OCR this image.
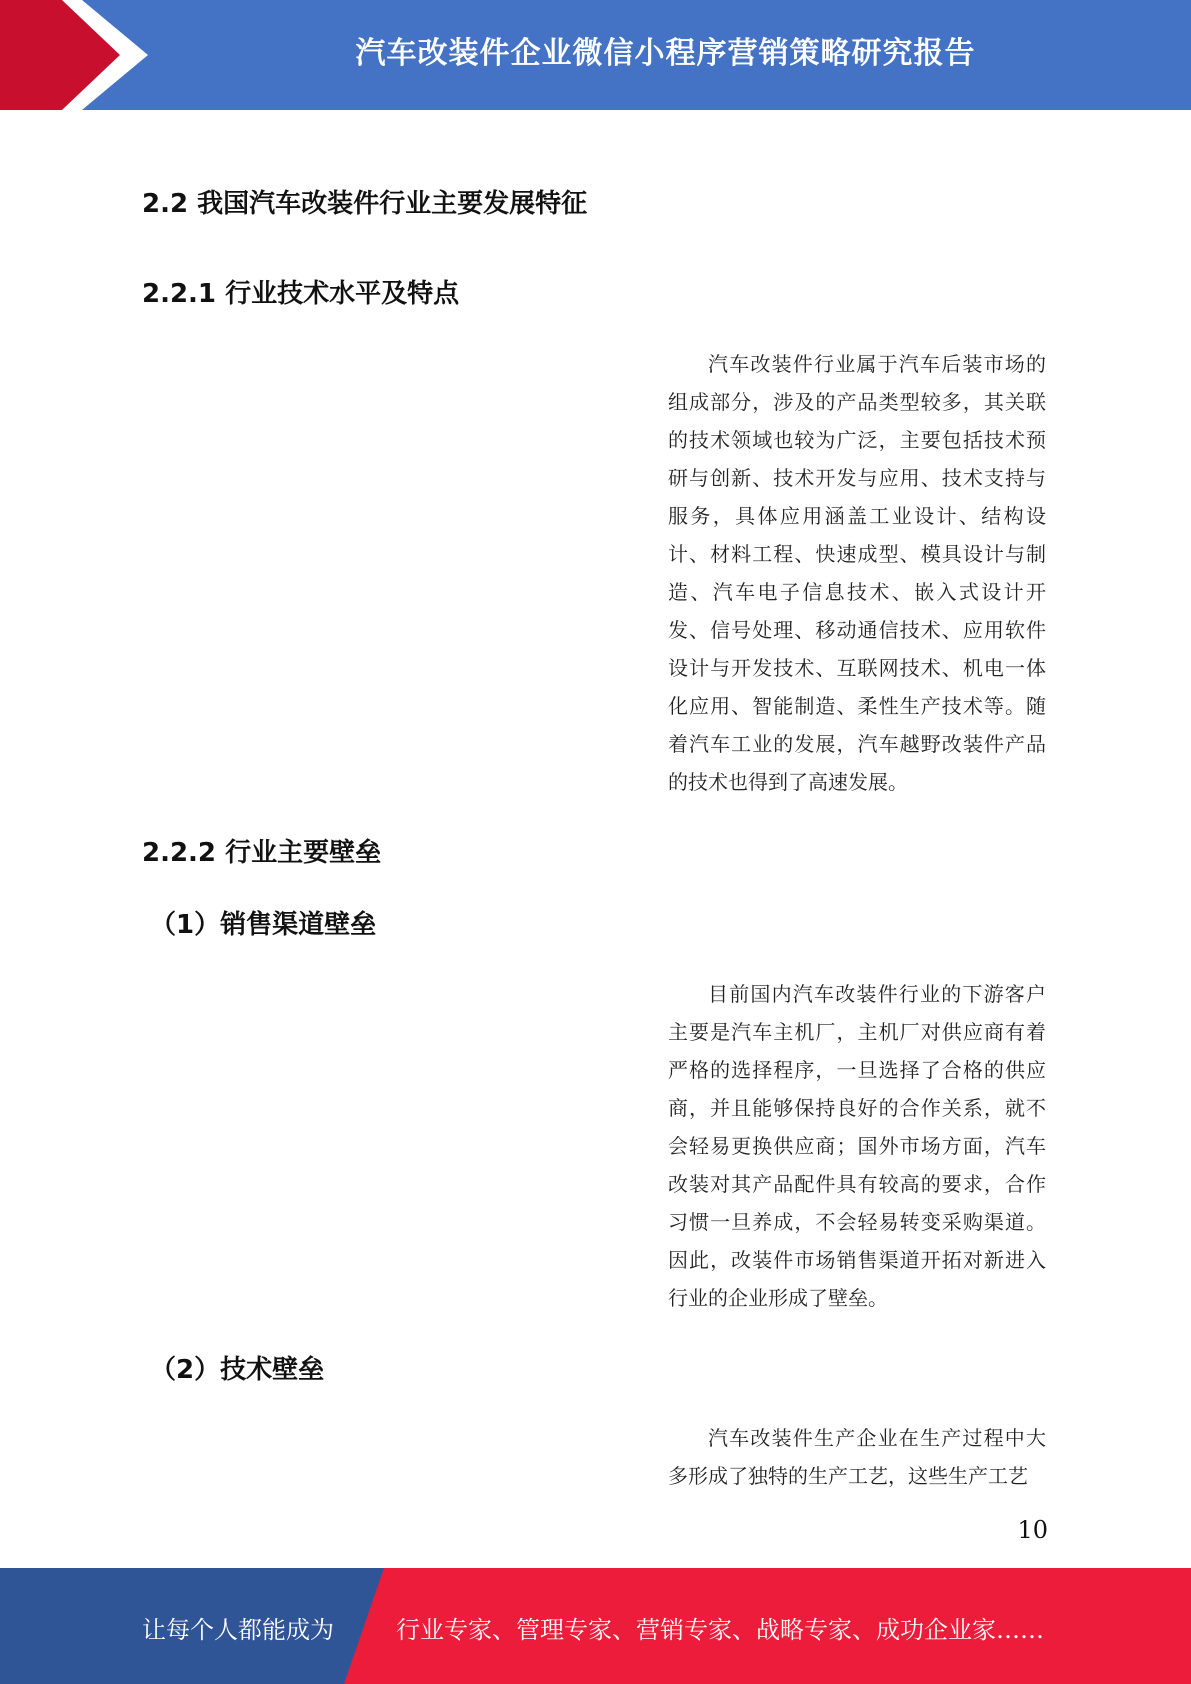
汽车改装件企业微信小程序营销策略研究报告
2.2 我国汽车改装件行业主要发展特征
2.2.1 行业技术水平及特点

汽车改装件行业属于汽车后装市场的组成部分，涉及的产品类型较多，其关联的技术领域也较为广泛，主要包括技术预研与创新、技术开发与应用、技术支持与服务，具体应用涵盖工业设计、结构设计、材料工程、快速成型、模具设计与制造、汽车电子信息技术、嵌入式设计开发、信号处理、移动通信技术、应用软件设计与开发技术、互联网技术、机电一体化应用、智能制造、柔性生产技术等。随着汽车工业的发展，汽车越野改装件产品的技术也得到了高速发展。

2.2.2 行业主要壁垒
（1）销售渠道壁垒

目前国内汽车改装件行业的下游客户主要是汽车主机厂，主机厂对供应商有着严格的选择程序，一旦选择了合格的供应商，并且能够保持良好的合作关系，就不会轻易更换供应商；国外市场方面，汽车改装对其产品配件具有较高的要求，合作习惯一旦养成，不会轻易转变采购渠道。因此，改装件市场销售渠道开拓对新进入行业的企业形成了壁垒。

（2）技术壁垒

汽车改装件生产企业在生产过程中大多形成了独特的生产工艺，这些生产工艺

10
让每个人都能成为	行业专家、管理专家、营销专家、战略专家、成功企业家……
